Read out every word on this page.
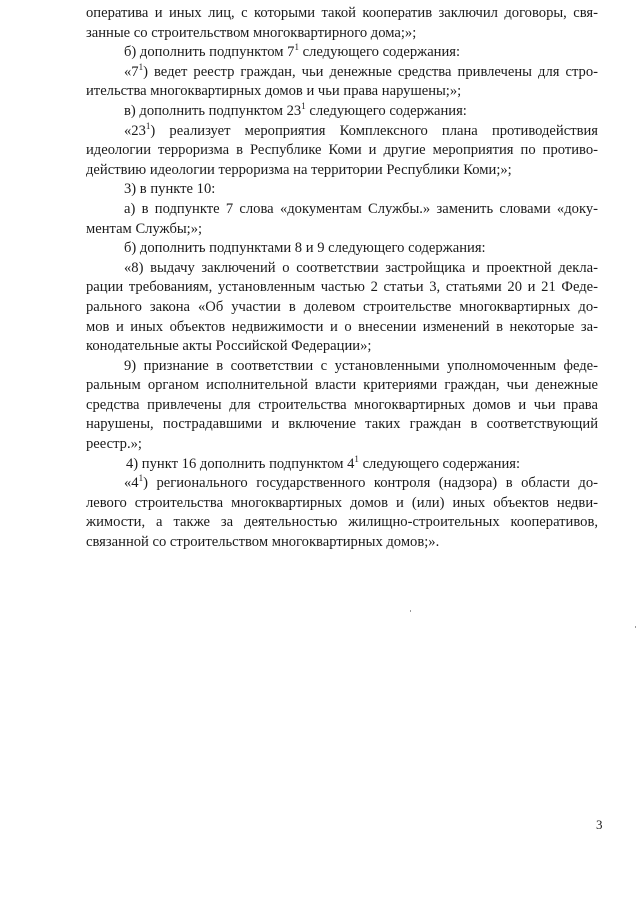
оператива и иных лиц, с которыми такой кооператив заключил договоры, свя-
занные со строительством многоквартирного дома;»;
б) дополнить подпунктом $7^1$ следующего содержания:
«$7^1$) ведет реестр граждан, чьи денежные средства привлечены для стро-
ительства многоквартирных домов и чьи права нарушены;»;
в) дополнить подпунктом $23^1$ следующего содержания:
«$23^1$) реализует мероприятия Комплексного плана противодействия
идеологии терроризма в Республике Коми и другие мероприятия по противо-
действию идеологии терроризма на территории Республики Коми;»;
3) в пункте 10:
а) в подпункте 7 слова «документам Службы.» заменить словами «доку-
ментам Службы;»;
б) дополнить подпунктами 8 и 9 следующего содержания:
«8) выдачу заключений о соответствии застройщика и проектной декла-
рации требованиям, установленным частью 2 статьи 3, статьями 20 и 21 Феде-
рального закона «Об участии в долевом строительстве многоквартирных до-
мов и иных объектов недвижимости и о внесении изменений в некоторые за-
конодательные акты Российской Федерации»;
9) признание в соответствии с установленными уполномоченным феде-
ральным органом исполнительной власти критериями граждан, чьи денежные
средства привлечены для строительства многоквартирных домов и чьи права
нарушены, пострадавшими и включение таких граждан в соответствующий
реестр.»;
4) пункт 16 дополнить подпунктом $4^1$ следующего содержания:
«$4^1$) регионального государственного контроля (надзора) в области до-
левого строительства многоквартирных домов и (или) иных объектов недви-
жимости, а также за деятельностью жилищно-строительных кооперативов,
связанной со строительством многоквартирных домов;».
3
